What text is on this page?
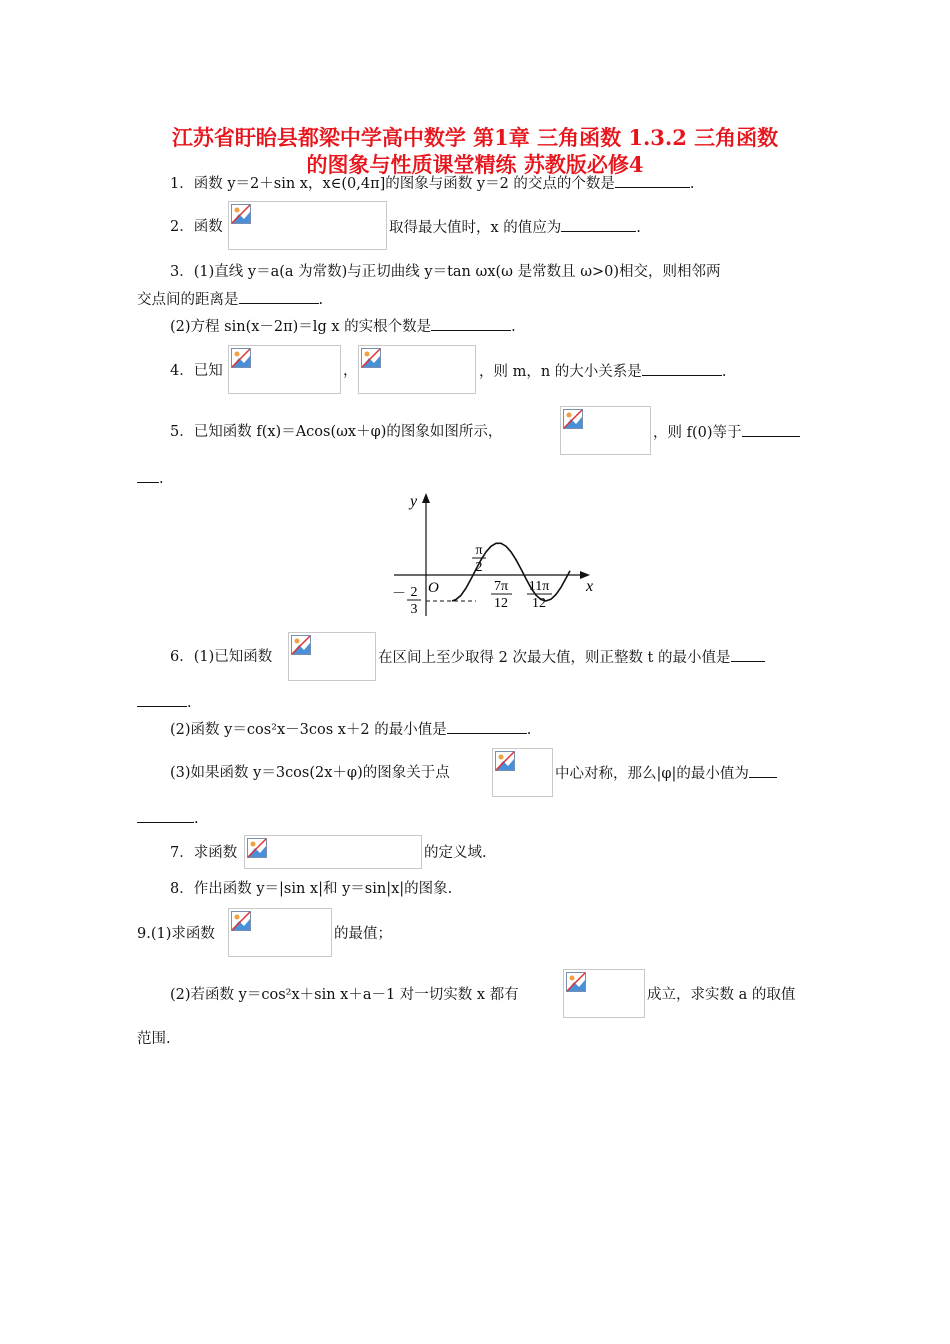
江苏省盱眙县都梁中学高中数学 第1章 三角函数 1.3.2 三角函数
的图象与性质课堂精练 苏教版必修4
1．函数 y＝2＋sin x，x∈(0,4π]的图象与函数 y＝2 的交点的个数是	.
2．函数	取得最大值时，x 的值应为	.
3．(1)直线 y＝a(a 为常数)与正切曲线 y＝tan ωx(ω 是常数且 ω>0)相交，则相邻两
交点间的距离是	.
(2)方程 sin(x－2π)＝lg x 的实根个数是	.
4．已知	，	，则 m，n 的大小关系是	.
5．已知函数 f(x)＝Acos(ωx＋φ)的图象如图所示，	，则 f(0)等于
.
x
y
O
π
2
7π
12
11π
12
－ 2
3
6．(1)已知函数	在区间上至少取得 2 次最大值，则正整数 t 的最小值是
.
(2)函数 y＝cos²x－3cos x＋2 的最小值是	.
(3)如果函数 y＝3cos(2x＋φ)的图象关于点	中心对称，那么|φ|的最小值为
.
7．求函数	的定义域.
8．作出函数 y＝|sin x|和 y＝sin|x|的图象.
9.(1)求函数	的最值；
(2)若函数 y＝cos²x＋sin x＋a－1 对一切实数 x 都有	成立，求实数 a 的取值
范围.
